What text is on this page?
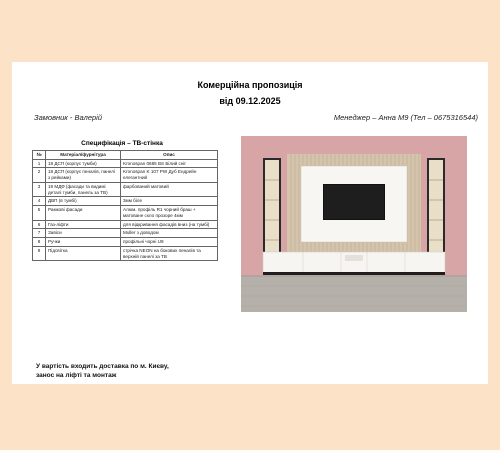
Комерційна пропозиція
від 09.12.2025
Замовник - Валерій	Менеджер – Анна М9 (Тел – 0675316544)
Специфікація – ТВ-стінка
№	Матеріал/фурнітура	Опис
1	18 ДСП (корпус тумби)	Kronospan 0685 BS Білий сніг
2	18 ДСП (корпус пеналів, панелі з рейками)	Kronospan K 107 PW Дуб Ендрейн елегантний
3	19 МДФ (фасади та видимі деталі тумби, панель за ТВ)	фарбований матовий
4	ДВП (в тумбі)	3мм біле
5	Рамкові фасади	Алюм. профіль R1 чорний браш + матоване скло прозоре 4мм
6	Газ-ліфти	для відкривання фасадів вниз (на тумбі)
7	Завіси	Muller з доводом
8	Ручки	профільні чорні U9
9	Підсвітка	стрічка NEON на бокових пеналів та верхній панелі за ТВ
У вартість входить доставка по м. Києву,
занос на ліфті та монтаж
